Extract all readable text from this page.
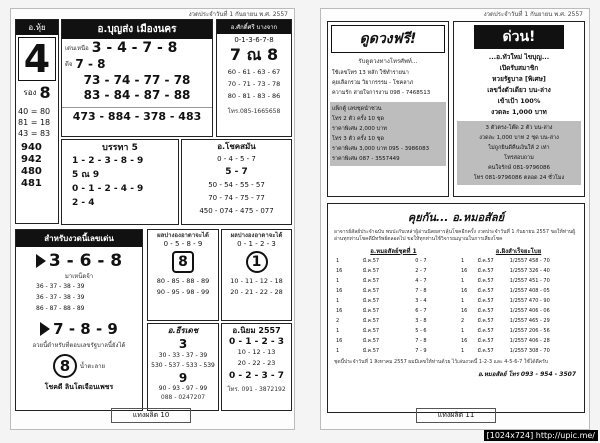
งวดประจำวันที่ 1 กันยายน พ.ศ. 2557
อ.หุ้ย
4
รอง 8
40 = 80
81 = 18
43 = 83
940
942
480
481
อ.บุญส่ง เมืองนคร
เด่นเหนือ 3 - 4 - 7 - 8
ดีจ 7 - 8
73 - 74 - 77 - 78
83 - 84 - 87 - 88
473 - 884 - 378 - 483
อ.ศักดิ์ศรี บางจาก
0-1-3-6-7-8
7 ณ 8
60 - 61 - 63 - 67
70 - 71 - 73 - 78
80 - 81 - 83 - 86
โทร.085-1665658
บรรทา 5
1 - 2 - 3 - 8 - 9
5 ณ 9
0 - 1 - 2 - 4 - 9
2 - 4
อ.โชคสมัน
0 - 4 - 5 - 7
5 - 7
50 - 54 - 55 - 57
70 - 74 - 75 - 77
450 - 074 - 475 - 077
สำหรับงวดนี้เลขเด่น
3 - 6 - 8
มาเหน็ดจ้า
36 - 37 - 38 - 39
36 - 37 - 38 - 39
86 - 87 - 88 - 89
7 - 8 - 9
อวยนี้ดำหรับที่ตอบเลขรัฐบาลนี้ยังได้
8	น้ำตะลาย
โชคดี ลินโตเจือนเพชร
ผลบ่างองอาดาจะได้
0 - 5 - 8 - 9
8
80 - 85 - 88 - 89
90 - 95 - 98 - 99
ผลบ่างองอาดาจะได้
0 - 1 - 2 - 3
1
10 - 11 - 12 - 18
20 - 21 - 22 - 28
อ.ธีรเดช
3
30 - 33 - 37 - 39
530 - 537 - 533 - 539
9
90 - 93 - 97 - 99
088 - 0247207
อ.นิยม 2557
0 - 1 - 2 - 3
10 - 12 - 13
20 - 22 - 23
0 - 2 - 3 - 7
โทร. 091 - 3872192
แทงผลิต 10
งวดประจำวันที่ 1 กันยายน พ.ศ. 2557
ดูดวงฟรี!
รับดูดวงทางโทรศัพท์...
ใช้เลขโทร 13 หลัก ใช้ทำรายนา
คุยเลือกรวม วิยากรรรม - โชคลาภ
ความรัก สายใจการงาน 098 - 7468513
แพ็กตู้ เลขชุดนำชวน
โทร 2 ตัว ครั้ง 10 ชุด
ราคาพิเศษ 2,000 บาท
โทร 3 ตัว ครั้ง 10 ชุด
ราคาพิเศษ 3,000 บาท 095 - 3986083
ราคาพิเศษ 087 - 3557449
ด่วน!
...อ.ทัวใหม่ ไขบุญ...
เปิดรับสมาชิก
หวยรัฐบาล [พิเศษ]
เลขวิ่งตัวเดียว บน-ล่าง
เข้าเป้า 100%
งวดละ 1,000 บาท
3 ตัวตรง-โต๊ด 2 ตัว บน-ล่าง
งวดละ 1,000 บาท 2 ชุด บน-ล่าง
ไม่ถูกยินดีคืนเงินให้ 2 เท่า
โทรสอบถาม
คนใจรักษ์ 081-9796086
โทร 081-9796086 ตลอด 24 ชั่วโมง
คุยกัน... อ.หมอสัลย์
อาจารย์สัลย์ประจำฉบับ พบปะกับเหล่าผู้อ่านนิตยสารลุ้นโชคอีกครั้ง งวดประจำวันที่ 1 กันยายน 2557 ขอให้ท่านผู้อ่านทุกท่านโชคดีมีทรัพย์ตลอดไป ขอให้ทุกท่านใช้วิจารณญาณในการเสี่ยงโชค
อ.หมอสัลย์ชุดที่ 1
1	มี.ค.57	0 - 7
16	มี.ค.57	2 - 7
1	มี.ค.57	4 - 7
16	มี.ค.57	7 - 8
1	มี.ค.57	3 - 4
16	มี.ค.57	6 - 7
2	มี.ค.57	3 - 8
1	มี.ค.57	5 - 6
16	มี.ค.57	7 - 8
1	มี.ค.57	7 - 9
อ.ผิงสำเร็จยะโบย
1	มี.ค.57	1/2557 458 - 70
16	มี.ค.57	1/2557 326 - 40
1	มี.ค.57	1/2557 451 - 70
16	มี.ค.57	1/2557 408 - 05
1	มี.ค.57	1/2557 470 - 90
16	มี.ค.57	1/2557 406 - 06
2	มี.ค.57	1/2557 465 - 29
1	มี.ค.57	1/2557 206 - 56
16	มี.ค.57	1/2557 406 - 28
1	มี.ค.57	1/2557 308 - 70
ชุดนี้ประจำวันที่ 1 สิงหาคม 2557 ผมมีเลขให้ท่านด้วย ไว้เล่นงวดนี้ 1-2-3 และ 4-5-6-7 ใช้ได้ดีครับ
อ.หมอสัลย์ โทร 093 - 954 - 3507
แทงผลิต 11
[1024x724] http://upic.me/
